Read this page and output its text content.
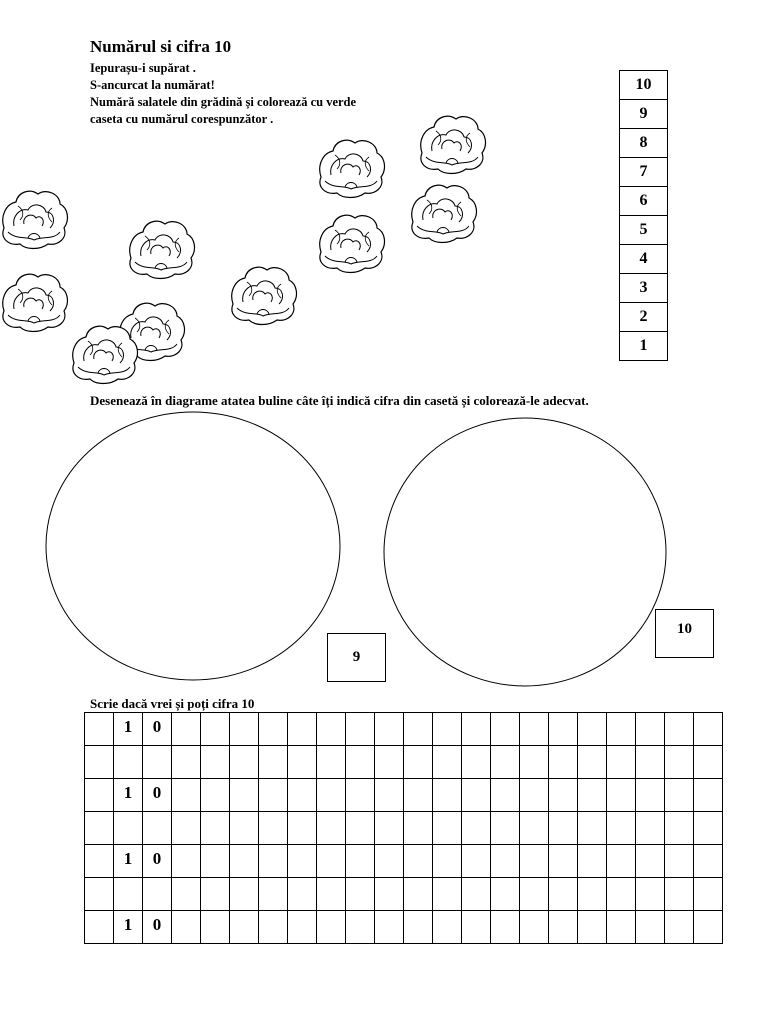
Numărul si cifra 10
Iepurașu-i supărat .
S-ancurcat la numărat!
Numără salatele din grădină și colorează cu verde
caseta cu numărul corespunzător .
10
9
8
7
6
5
4
3
2
1
Desenează în diagrame atatea buline câte îți indică cifra din casetă și colorează-le adecvat.
9
10
Scrie dacă vrei și poți cifra 10
	1	0																			

	1	0																			

	1	0																			

	1	0																			
